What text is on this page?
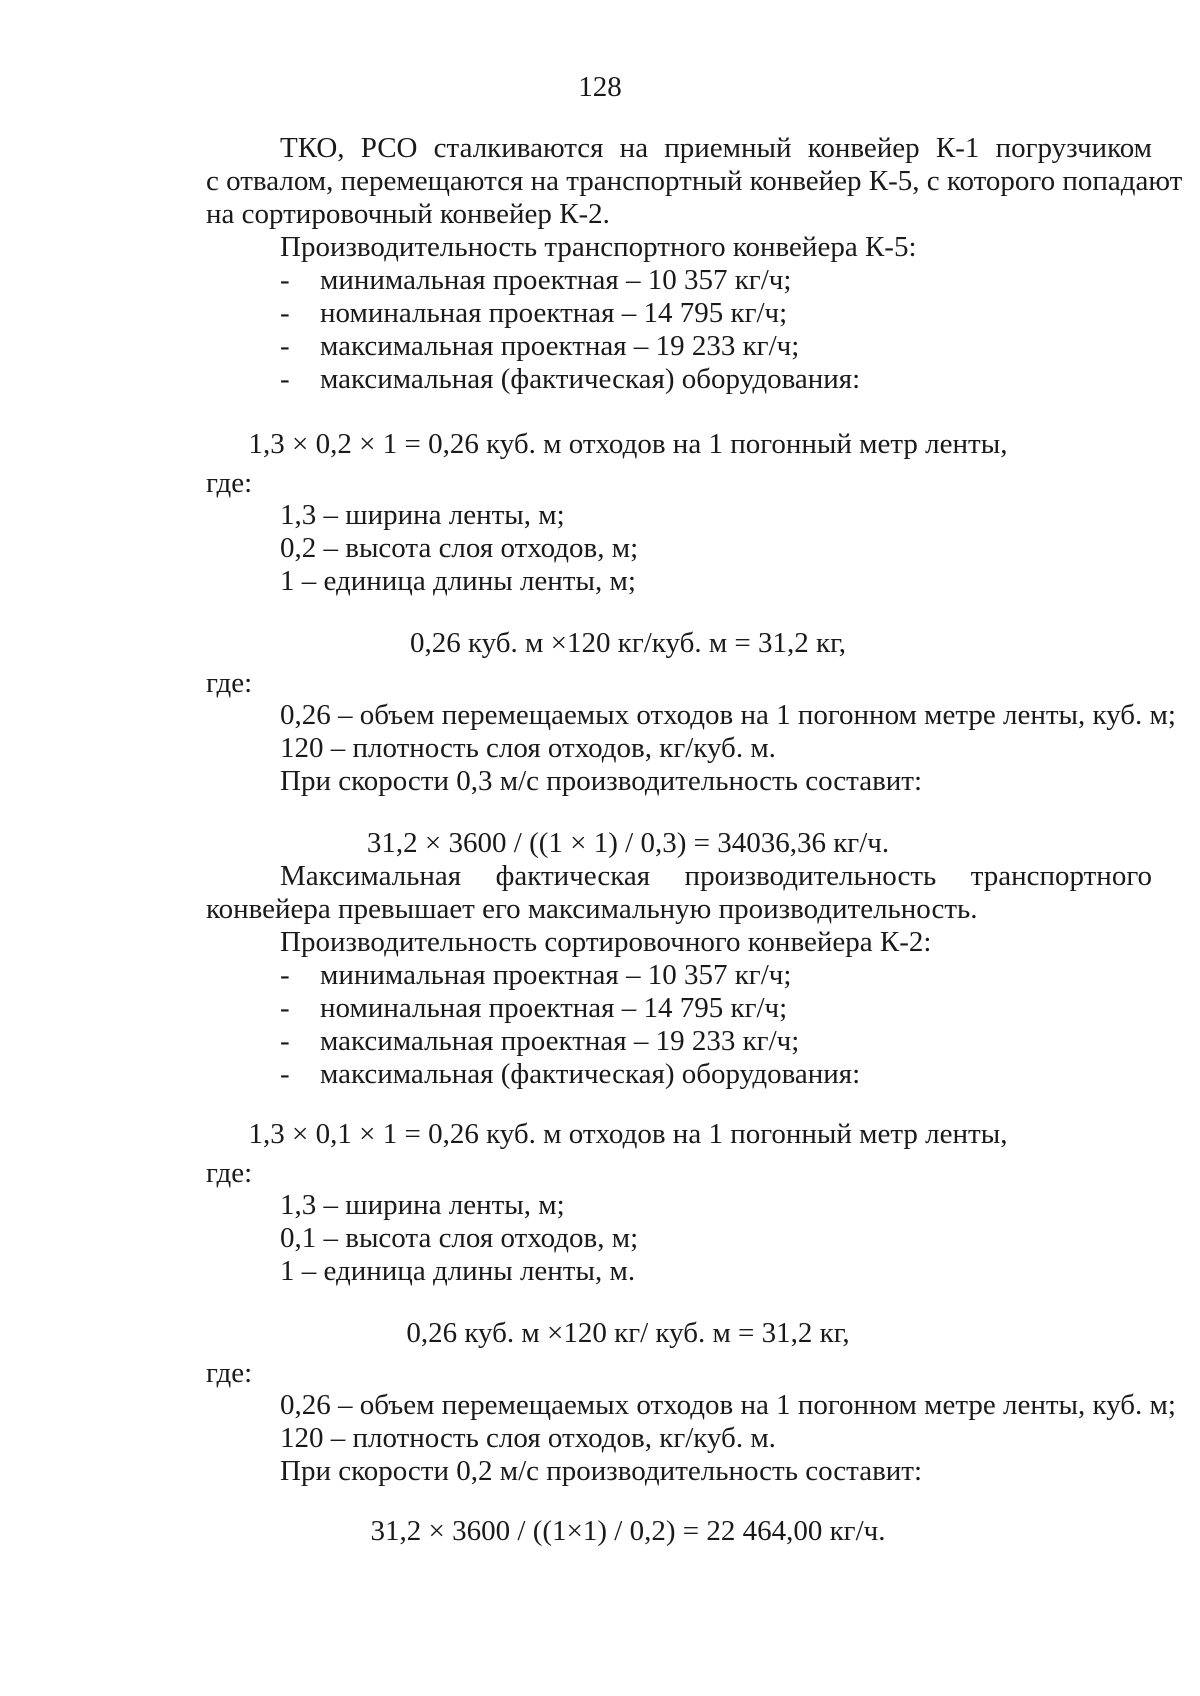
128

ТКО, РСО сталкиваются на приемный конвейер К-1 погрузчиком

с отвалом, перемещаются на транспортный конвейер К-5, с которого попадают

на сортировочный конвейер К-2.

Производительность транспортного конвейера К-5:

- минимальная проектная – 10 357 кг/ч;
- номинальная проектная – 14 795 кг/ч;
- максимальная проектная – 19 233 кг/ч;
- максимальная (фактическая) оборудования:

1,3 × 0,2 × 1 = 0,26 куб. м отходов на 1 погонный метр ленты,

где:

1,3 – ширина ленты, м;

0,2 – высота слоя отходов, м;

1 – единица длины ленты, м;

0,26 куб. м ×120 кг/куб. м = 31,2 кг,

где:

0,26 – объем перемещаемых отходов на 1 погонном метре ленты, куб. м;

120 – плотность слоя отходов, кг/куб. м.

При скорости 0,3 м/с производительность составит:

31,2 × 3600 / ((1 × 1) / 0,3) = 34036,36 кг/ч.

Максимальная фактическая производительность транспортного

конвейера превышает его максимальную производительность.

Производительность сортировочного конвейера К-2:

- минимальная проектная – 10 357 кг/ч;
- номинальная проектная – 14 795 кг/ч;
- максимальная проектная – 19 233 кг/ч;
- максимальная (фактическая) оборудования:

1,3 × 0,1 × 1 = 0,26 куб. м отходов на 1 погонный метр ленты,

где:

1,3 – ширина ленты, м;

0,1 – высота слоя отходов, м;

1 – единица длины ленты, м.

0,26 куб. м ×120 кг/ куб. м = 31,2 кг,

где:

0,26 – объем перемещаемых отходов на 1 погонном метре ленты, куб. м;

120 – плотность слоя отходов, кг/куб. м.

При скорости 0,2 м/с производительность составит:

31,2 × 3600 / ((1×1) / 0,2) = 22 464,00 кг/ч.
